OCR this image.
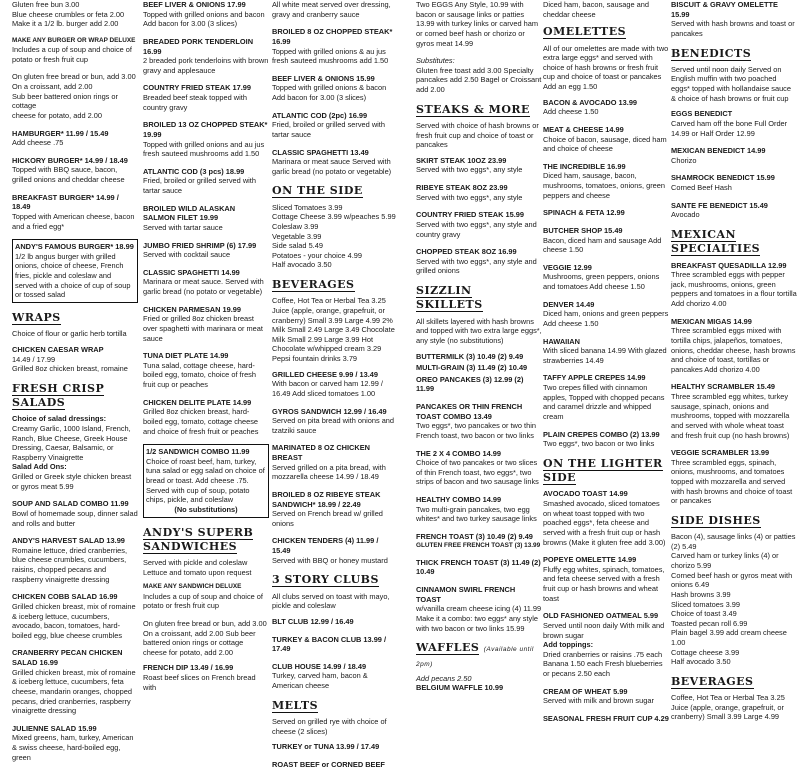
Gluten free bun 3.00
Blue cheese crumbles or feta 2.00
Make it a 1/2 lb. burger add 2.00
MAKE ANY BURGER OR WRAP DELUXE
Includes a cup of soup and choice of
potato or fresh fruit cup
On gluten free bread or bun, add 3.00
On a croissant, add 2.00
Sub beer battered onion rings or cottage
cheese for potato, add 2.00
HAMBURGER* 11.99 / 15.49
Add cheese .75
HICKORY BURGER* 14.99 / 18.49
Topped with BBQ sauce, bacon, grilled onions and cheddar cheese
BREAKFAST BURGER* 14.99 / 18.49
Topped with American cheese, bacon and a fried egg*
ANDY'S FAMOUS BURGER* 18.99
1/2 lb angus burger with grilled onions, choice of cheese, French fries, pickle and coleslaw and served with a choice of cup of soup or tossed salad
WRAPS
Choice of flour or garlic herb tortilla
CHICKEN CAESAR WRAP
14.49 / 17.99
Grilled 8oz chicken breast, romaine
FRESH CRISP SALADS
Choice of salad dressings:
Creamy Garlic, 1000 Island, French, Ranch, Blue Cheese, Greek House Dressing, Caesar, Balsamic, or Raspberry Vinaigrette
Salad Add Ons:
Grilled or Greek style chicken breast or gyros meat 5.99
SOUP AND SALAD COMBO 11.99
Bowl of homemade soup, dinner salad and rolls and butter
ANDY'S HARVEST SALAD 13.99
Romaine lettuce, dried cranberries, blue cheese crumbles, cucumbers, raisins, chopped pecans and raspberry vinaigrette dressing
CHICKEN COBB SALAD 16.99
Grilled chicken breast, mix of romaine & iceberg lettuce, cucumbers, avocado, bacon, tomatoes, hard-boiled egg, blue cheese crumbles
CRANBERRY PECAN CHICKEN SALAD 16.99
Grilled chicken breast, mix of romaine & iceberg lettuce, cucumbers, feta cheese, mandarin oranges, chopped pecans, dried cranberries, raspberry vinaigrette dressing
JULIENNE SALAD 15.99
Mixed greens, ham, turkey, American & swiss cheese, hard-boiled egg, green
BEEF LIVER & ONIONS 17.99
Topped with grilled onions and bacon Add bacon for 3.00 (3 slices)
BREADED PORK TENDERLOIN 16.99
2 breaded pork tenderloins with brown gravy and applesauce
COUNTRY FRIED STEAK 17.99
Breaded beef steak topped with country gravy
BROILED 13 OZ CHOPPED STEAK* 19.99
Topped with grilled onions and au jus fresh sauteed mushrooms add 1.50
ATLANTIC COD (3 pcs) 18.99
Fried, broiled or grilled served with tartar sauce
BROILED WILD ALASKAN SALMON FILET 19.99
Served with tartar sauce
JUMBO FRIED SHRIMP (6) 17.99
Served with cocktail sauce
CLASSIC SPAGHETTI 14.99
Marinara or meat sauce. Served with garlic bread (no potato or vegetable)
CHICKEN PARMESAN 19.99
Fried or grilled 8oz chicken breast over spaghetti with marinara or meat sauce
TUNA DIET PLATE 14.99
Tuna salad, cottage cheese, hard-boiled egg, tomato, choice of fresh fruit cup or peaches
CHICKEN DELITE PLATE 14.99
Grilled 8oz chicken breast, hard-boiled egg, tomato, cottage cheese and choice of fresh fruit or peaches
1/2 SANDWICH COMBO 11.99
Choice of roast beef, ham, turkey, tuna salad or egg salad on choice of bread or toast. Add cheese .75. Served with cup of soup, potato chips, pickle, and coleslaw
(No substitutions)
ANDY'S SUPERB SANDWICHES
Served with pickle and coleslaw Lettuce and tomato upon request
MAKE ANY SANDWICH DELUXE
Includes a cup of soup and choice of potato or fresh fruit cup
On gluten free bread or bun, add 3.00 On a croissant, add 2.00 Sub beer battered onion rings or cottage cheese for potato, add 2.00
FRENCH DIP 13.49 / 16.99
Roast beef slices on French bread with
All white meat served over dressing, gravy and cranberry sauce
BROILED 8 OZ CHOPPED STEAK* 16.99
Topped with grilled onions & au jus fresh sauteed mushrooms add 1.50
BEEF LIVER & ONIONS 15.99
Topped with grilled onions & bacon Add bacon for 3.00 (3 slices)
ATLANTIC COD (2pc) 16.99
Fried, broiled or grilled served with tartar sauce
CLASSIC SPAGHETTI 13.49
Marinara or meat sauce Served with garlic bread (no potato or vegetable)
ON THE SIDE
Sliced Tomatoes 3.99
Cottage Cheese 3.99 w/peaches 5.99
Coleslaw 3.99
Vegetable 3.99
Side salad 5.49
Potatoes - your choice 4.99
Half avocado 3.50
BEVERAGES
Coffee, Hot Tea or Herbal Tea 3.25 Juice (apple, orange, grapefruit, or cranberry) Small 3.99 Large 4.99 2% Milk Small 2.49 Large 3.49 Chocolate Milk Small 2.99 Large 3.99 Hot Chocolate w/whipped cream 3.29 Pepsi fountain drinks 3.79
GRILLED CHEESE 9.99 / 13.49
With bacon or carved ham 12.99 / 16.49 Add sliced tomatoes 1.00
GYROS SANDWICH 12.99 / 16.49
Served on pita bread with onions and tzatziki sauce
MARINATED 8 OZ CHICKEN BREAST
Served grilled on a pita bread, with mozzarella cheese 14.99 / 18.49
BROILED 8 OZ RIBEYE STEAK SANDWICH* 18.99 / 22.49
Served on French bread w/ grilled onions
CHICKEN TENDERS (4) 11.99 / 15.49
Served with BBQ or honey mustard
3 STORY CLUBS
All clubs served on toast with mayo, pickle and coleslaw
BLT CLUB 12.99 / 16.49
TURKEY & BACON CLUB 13.99 / 17.49
CLUB HOUSE 14.99 / 18.49
Turkey, carved ham, bacon & American cheese
MELTS
Served on grilled rye with choice of cheese (2 slices)
TURKEY or TUNA 13.99 / 17.49
ROAST BEEF or CORNED BEEF
Two EGGS Any Style, 10.99 with bacon or sausage links or patties 13.99 with turkey links or carved ham or corned beef hash or chorizo or gyros meat 14.99
Substitutes:
Gluten free toast add 3.00 Specialty pancakes add 2.50 Bagel or Croissant add 2.00
STEAKS & MORE
Served with choice of hash browns or fresh fruit cup and choice of toast or pancakes
SKIRT STEAK 10OZ 23.99
Served with two eggs*, any style
RIBEYE STEAK 8OZ 23.99
Served with two eggs*, any style
COUNTRY FRIED STEAK 15.99
Served with two eggs*, any style and country gravy
CHOPPED STEAK 8OZ 16.99
Served with two eggs*, any style and grilled onions
SIZZLIN SKILLETS
All skillets layered with hash browns and topped with two extra large eggs*, any style (no substitutions)
BUTTERMILK (3) 10.49 (2) 9.49
MULTI-GRAIN (3) 11.49 (2) 10.49
OREO PANCAKES (3) 12.99 (2) 11.99
PANCAKES OR THIN FRENCH TOAST COMBO 13.49
Two eggs*, two pancakes or two thin French toast, two bacon or two links
THE 2 X 4 COMBO 14.99
Choice of two pancakes or two slices of thin French toast, two eggs*, two strips of bacon and two sausage links
HEALTHY COMBO 14.99
Two multi-grain pancakes, two egg whites* and two turkey sausage links
FRENCH TOAST (3) 10.49 (2) 9.49
GLUTEN FREE FRENCH TOAST (3) 13.99
THICK FRENCH TOAST (3) 11.49 (2) 10.49
CINNAMON SWIRL FRENCH TOAST
w/vanilla cream cheese icing (4) 11.99 Make it a combo: two eggs* any style with two bacon or two links 15.99
WAFFLES (Available until 2pm)
Add pecans 2.50
BELGIUM WAFFLE 10.99
Diced ham, bacon, sausage and cheddar cheese
OMELETTES
All of our omelettes are made with two extra large eggs* and served with choice of hash browns or fresh fruit cup and choice of toast or pancakes Add an egg 1.50
BACON & AVOCADO 13.99
Add cheese 1.50
MEAT & CHEESE 14.99
Choice of bacon, sausage, diced ham and choice of cheese
THE INCREDIBLE 16.99
Diced ham, sausage, bacon, mushrooms, tomatoes, onions, green peppers and cheese
SPINACH & FETA 12.99
BUTCHER SHOP 15.49
Bacon, diced ham and sausage Add cheese 1.50
VEGGIE 12.99
Mushrooms, green peppers, onions and tomatoes Add cheese 1.50
DENVER 14.49
Diced ham, onions and green peppers Add cheese 1.50
HAWAIIAN
With sliced banana 14.99 With glazed strawberries 14.49
TAFFY APPLE CREPES 14.99
Two crepes filled with cinnamon apples, Topped with chopped pecans and caramel drizzle and whipped cream
PLAIN CREPES COMBO (2) 13.99
Two eggs*, two bacon or two links
ON THE LIGHTER SIDE
AVOCADO TOAST 14.99
Smashed avocado, sliced tomatoes on wheat toast topped with two poached eggs*, feta cheese and served with a fresh fruit cup or hash browns (Make it gluten free add 3.00)
POPEYE OMELETTE 14.99
Fluffy egg whites, spinach, tomatoes, and feta cheese served with a fresh fruit cup or hash browns and wheat toast
OLD FASHIONED OATMEAL 5.99
Served until noon daily With milk and brown sugar
Add toppings:
Dried cranberries or raisins .75 each Banana 1.50 each Fresh blueberries or pecans 2.50 each
CREAM OF WHEAT 5.99
Served with milk and brown sugar
SEASONAL FRESH FRUIT CUP 4.29
BISCUIT & GRAVY OMELETTE 15.99
Served with hash browns and toast or pancakes
BENEDICTS
Served until noon daily Served on English muffin with two poached eggs* topped with hollandaise sauce & choice of hash browns or fruit cup
EGGS BENEDICT
Carved ham off the bone Full Order 14.99 or Half Order 12.99
MEXICAN BENEDICT 14.99
Chorizo
SHAMROCK BENEDICT 15.99
Corned Beef Hash
SANTE FE BENEDICT 15.49
Avocado
MEXICAN SPECIALTIES
BREAKFAST QUESADILLA 12.99
Three scrambled eggs with pepper jack, mushrooms, onions, green peppers and tomatoes in a flour tortilla Add chorizo 4.00
MEXICAN MIGAS 14.99
Three scrambled eggs mixed with tortilla chips, jalapeños, tomatoes, onions, cheddar cheese, hash browns and choice of toast, tortillas or pancakes Add chorizo 4.00
HEALTHY SCRAMBLER 15.49
Three scrambled egg whites, turkey sausage, spinach, onions and mushrooms, topped with mozzarella and served with whole wheat toast and fresh fruit cup (no hash browns)
VEGGIE SCRAMBLER 13.99
Three scrambled eggs, spinach, onions, mushrooms, and tomatoes topped with mozzarella and served with hash browns and choice of toast or pancakes
SIDE DISHES
Bacon (4), sausage links (4) or patties (2) 5.49
Carved ham or turkey links (4) or chorizo 5.99
Corned beef hash or gyros meat with onions 6.49
Hash browns 3.99
Sliced tomatoes 3.99
Choice of toast 3.49
Toasted pecan roll 6.99
Plain bagel 3.99 add cream cheese 1.00
Cottage cheese 3.99
Half avocado 3.50
BEVERAGES
Coffee, Hot Tea or Herbal Tea 3.25 Juice (apple, orange, grapefruit, or cranberry) Small 3.99 Large 4.99
